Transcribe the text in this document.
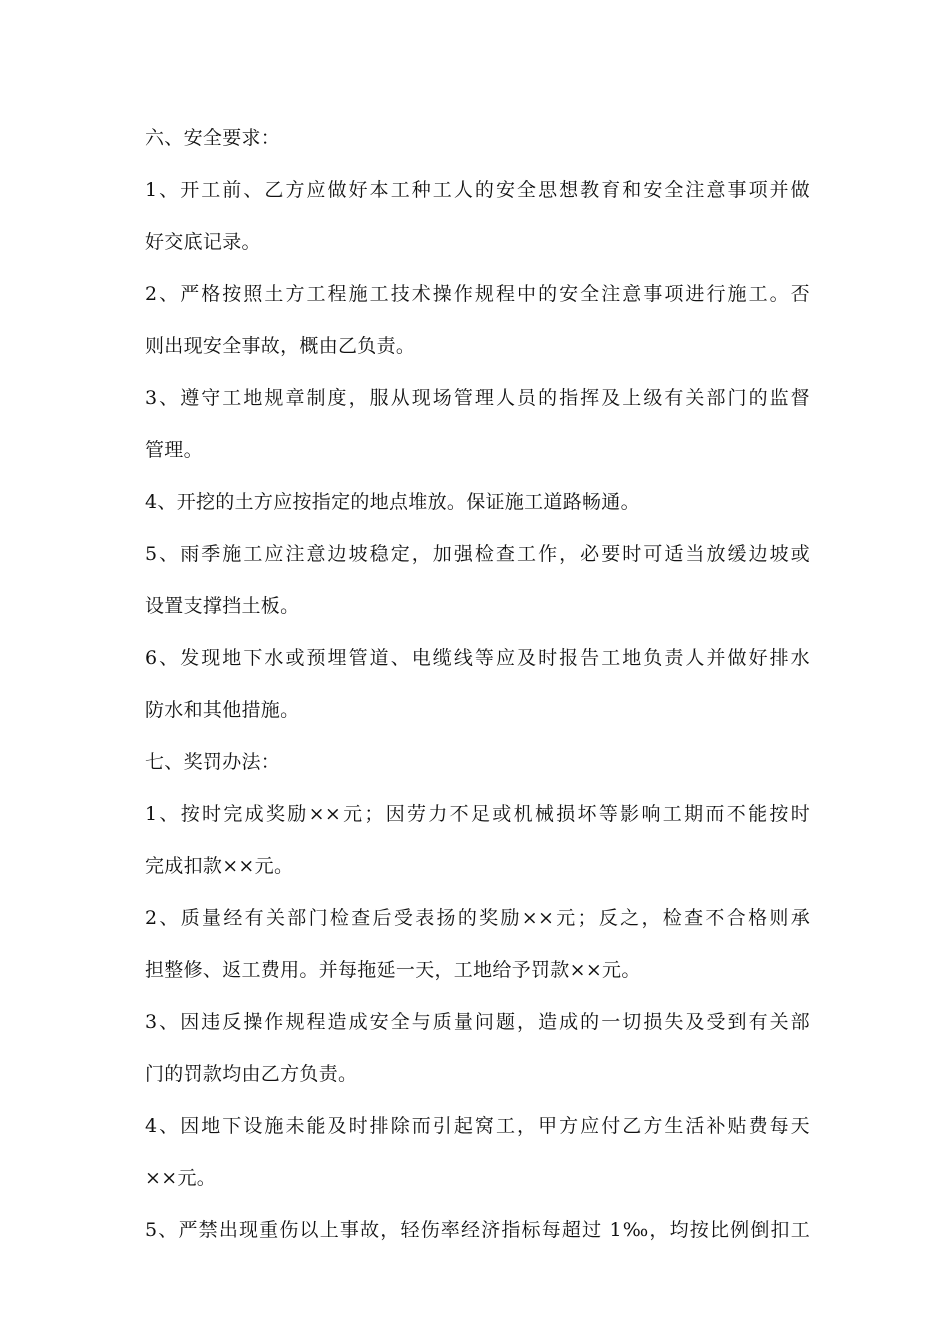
六、安全要求：
1、开工前、乙方应做好本工种工人的安全思想教育和安全注意事项并做
好交底记录。
2、严格按照土方工程施工技术操作规程中的安全注意事项进行施工。否
则出现安全事故，概由乙负责。
3、遵守工地规章制度，服从现场管理人员的指挥及上级有关部门的监督
管理。
4、开挖的土方应按指定的地点堆放。保证施工道路畅通。
5、雨季施工应注意边坡稳定，加强检查工作，必要时可适当放缓边坡或
设置支撑挡土板。
6、发现地下水或预埋管道、电缆线等应及时报告工地负责人并做好排水
防水和其他措施。
七、奖罚办法：
1、按时完成奖励××元；因劳力不足或机械损坏等影响工期而不能按时
完成扣款××元。
2、质量经有关部门检查后受表扬的奖励××元；反之，检查不合格则承
担整修、返工费用。并每拖延一天，工地给予罚款××元。
3、因违反操作规程造成安全与质量问题，造成的一切损失及受到有关部
门的罚款均由乙方负责。
4、因地下设施未能及时排除而引起窝工，甲方应付乙方生活补贴费每天
××元。
5、严禁出现重伤以上事故，轻伤率经济指标每超过 1‰，均按比例倒扣工
